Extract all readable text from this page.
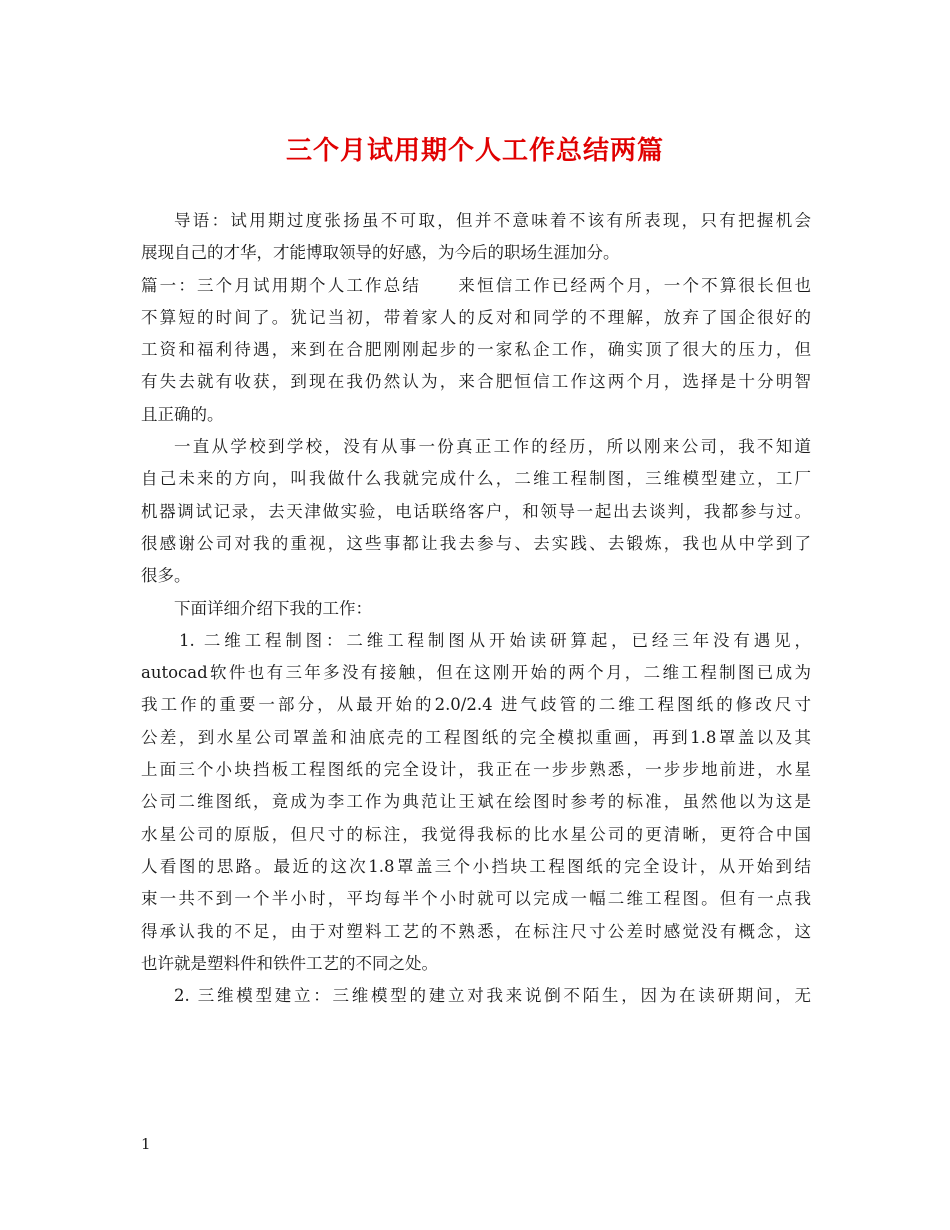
三个月试用期个人工作总结两篇
导语：试用期过度张扬虽不可取，但并不意味着不该有所表现，只有把握机会
展现自己的才华，才能博取领导的好感，为今后的职场生涯加分。
篇一：三个月试用期个人工作总结　　来恒信工作已经两个月，一个不算很长但也
不算短的时间了。犹记当初，带着家人的反对和同学的不理解，放弃了国企很好的
工资和福利待遇，来到在合肥刚刚起步的一家私企工作，确实顶了很大的压力，但
有失去就有收获，到现在我仍然认为，来合肥恒信工作这两个月，选择是十分明智
且正确的。
一直从学校到学校，没有从事一份真正工作的经历，所以刚来公司，我不知道
自己未来的方向，叫我做什么我就完成什么，二维工程制图，三维模型建立，工厂
机器调试记录，去天津做实验，电话联络客户，和领导一起出去谈判，我都参与过。
很感谢公司对我的重视，这些事都让我去参与、去实践、去锻炼，我也从中学到了
很多。
下面详细介绍下我的工作：
1. 二维工程制图：二维工程制图从开始读研算起，已经三年没有遇见，
autocad软件也有三年多没有接触，但在这刚开始的两个月，二维工程制图已成为
我工作的重要一部分，从最开始的2.0/2.4 进气歧管的二维工程图纸的修改尺寸
公差，到水星公司罩盖和油底壳的工程图纸的完全模拟重画，再到1.8罩盖以及其
上面三个小块挡板工程图纸的完全设计，我正在一步步熟悉，一步步地前进，水星
公司二维图纸，竟成为李工作为典范让王斌在绘图时参考的标准，虽然他以为这是
水星公司的原版，但尺寸的标注，我觉得我标的比水星公司的更清晰，更符合中国
人看图的思路。最近的这次1.8罩盖三个小挡块工程图纸的完全设计，从开始到结
束一共不到一个半小时，平均每半个小时就可以完成一幅二维工程图。但有一点我
得承认我的不足，由于对塑料工艺的不熟悉，在标注尺寸公差时感觉没有概念，这
也许就是塑料件和铁件工艺的不同之处。
2. 三维模型建立：三维模型的建立对我来说倒不陌生，因为在读研期间，无
1
